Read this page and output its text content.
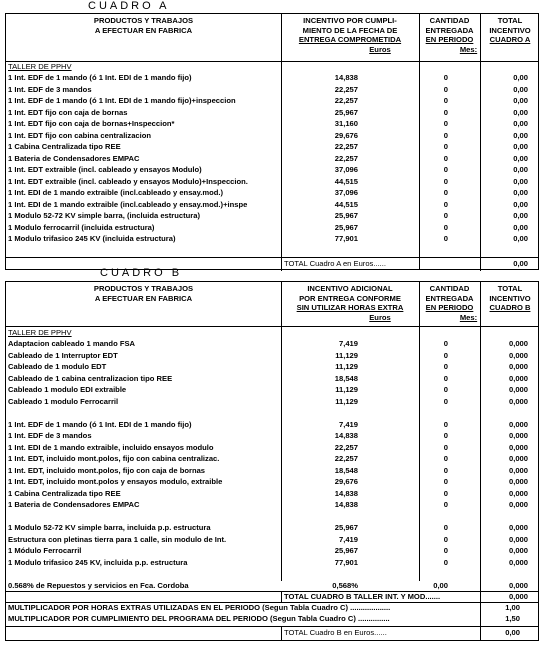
CUADRO A
PRODUCTOS Y TRABAJOS
A EFECTUAR EN FABRICA
INCENTIVO POR CUMPLI-
MIENTO DE LA FECHA DE
ENTREGA COMPROMETIDA
Euros
CANTIDAD
ENTREGADA
EN PERIODO
Mes:
TOTAL
INCENTIVO
CUADRO A
TALLER DE PPHV
1 Int. EDF de 1 mando (ó 1 Int. EDI de 1 mando fijo)	14,838	0	0,00
1 Int. EDF de 3 mandos	22,257	0	0,00
1 Int. EDF de 1 mando (ó 1 Int. EDI de 1 mando fijo)+inspeccion	22,257	0	0,00
1 Int. EDT fijo con caja de bornas	25,967	0	0,00
1 Int. EDT fijo con caja de bornas+Inspeccion*	31,160	0	0,00
1 Int. EDT fijo con cabina centralizacion	29,676	0	0,00
1 Cabina Centralizada tipo REE	22,257	0	0,00
1 Bateria de Condensadores EMPAC	22,257	0	0,00
1 Int. EDT extraible (incl. cableado y ensayos Modulo)	37,096	0	0,00
1 Int. EDT extraible (incl. cableado y ensayos Modulo)+Inspeccion.	44,515	0	0,00
1 Int. EDI de 1 mando extraible (incl.cableado y ensay.mod.)	37,096	0	0,00
1 Int. EDI de 1 mando extraible (incl.cableado y ensay.mod.)+inspe	44,515	0	0,00
1 Modulo 52-72 KV simple barra, (incluida estructura)	25,967	0	0,00
1 Modulo ferrocarril (incluida estructura)	25,967	0	0,00
1 Modulo trifasico 245 KV (incluida estructura)	77,901	0	0,00
TOTAL Cuadro A en Euros......	0,00
CUADRO B
PRODUCTOS Y TRABAJOS
A EFECTUAR EN FABRICA
INCENTIVO ADICIONAL
POR ENTREGA CONFORME
SIN UTILIZAR HORAS EXTRA
Euros
CANTIDAD
ENTREGADA
EN PERIODO
Mes:
TOTAL
INCENTIVO
CUADRO B
TALLER DE PPHV
Adaptacion cableado 1 mando FSA	7,419	0	0,000
Cableado de 1 Interruptor EDT	11,129	0	0,000
Cableado de 1 modulo EDT	11,129	0	0,000
Cableado de 1 cabina centralizacion tipo REE	18,548	0	0,000
Cableado 1 modulo EDI extraible	11,129	0	0,000
Cableado 1 modulo Ferrocarril	11,129	0	0,000
1 Int. EDF de 1 mando (ó 1 Int. EDI de 1 mando fijo)	7,419	0	0,000
1 Int. EDF de 3 mandos	14,838	0	0,000
1 Int. EDI de 1 mando extraible, incluido ensayos modulo	22,257	0	0,000
1 Int. EDT, incluido mont.polos, fijo con cabina centralizac.	22,257	0	0,000
1 Int. EDT, incluido mont.polos, fijo con caja de bornas	18,548	0	0,000
1 Int. EDT, incluido mont.polos y ensayos modulo, extraible	29,676	0	0,000
1 Cabina Centralizada tipo REE	14,838	0	0,000
1 Bateria de Condensadores EMPAC	14,838	0	0,000
1 Modulo 52-72 KV simple barra, incluida p.p. estructura	25,967	0	0,000
Estructura con pletinas tierra para 1 calle, sin modulo de Int.	7,419	0	0,000
1 Módulo Ferrocarril	25,967	0	0,000
1 Modulo trifasico 245 KV, incluida p.p. estructura	77,901	0	0,000
0.568% de Repuestos y servicios en Fca. Cordoba	0,568%	0,00	0,000
TOTAL CUADRO B TALLER INT. Y MOD.......	0,000
MULTIPLICADOR POR HORAS EXTRAS UTILIZADAS EN EL PERIODO (Segun Tabla Cuadro C) ...................	1,00
MULTIPLICADOR POR CUMPLIMIENTO DEL PROGRAMA DEL PERIODO (Segun Tabla Cuadro C) ...............	1,50
TOTAL Cuadro B en Euros......	0,00
